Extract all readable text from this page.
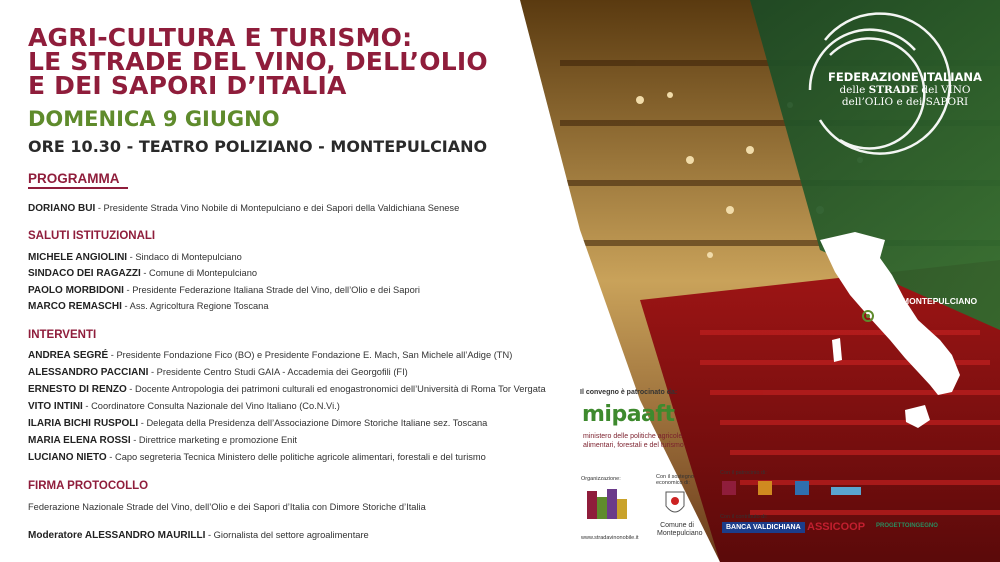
AGRI-CULTURA E TURISMO:
LE STRADE DEL VINO, DELL’OLIO
E DEI SAPORI D’ITALIA
DOMENICA 9 GIUGNO
ORE 10.30 - TEATRO POLIZIANO - MONTEPULCIANO
PROGRAMMA
DORIANO BUI - Presidente Strada Vino Nobile di Montepulciano e dei Sapori della Valdichiana Senese
SALUTI ISTITUZIONALI
MICHELE ANGIOLINI - Sindaco di Montepulciano
SINDACO DEI RAGAZZI - Comune di Montepulciano
PAOLO MORBIDONI - Presidente Federazione Italiana Strade del Vino, dell’Olio e dei Sapori
MARCO REMASCHI - Ass. Agricoltura Regione Toscana
INTERVENTI
ANDREA SEGRÉ - Presidente Fondazione Fico (BO) e Presidente Fondazione E. Mach, San Michele all’Adige (TN)
ALESSANDRO PACCIANI - Presidente Centro Studi GAIA - Accademia dei Georgofili (FI)
ERNESTO DI RENZO - Docente Antropologia dei patrimoni culturali ed enogastronomici dell’Università di Roma Tor Vergata
VITO INTINI - Coordinatore Consulta Nazionale del Vino Italiano (Co.N.Vi.)
ILARIA BICHI RUSPOLI - Delegata della Presidenza dell’Associazione Dimore Storiche Italiane sez. Toscana
MARIA ELENA ROSSI - Direttrice marketing e promozione Enit
LUCIANO NIETO - Capo segreteria Tecnica Ministero delle politiche agricole alimentari, forestali e del turismo
FIRMA PROTOCOLLO
Federazione Nazionale Strade del Vino, dell’Olio e dei Sapori d’Italia con Dimore Storiche d’Italia
Moderatore ALESSANDRO MAURILLI - Giornalista del settore agroalimentare
FEDERAZIONE ITALIANA
delle STRADE del VINO
dell’OLIO e dei SAPORI
MONTEPULCIANO
Il convegno è patrocinato da:
mipaaft
ministero delle politiche agricole
alimentari, forestali e del turismo
Organizzazione:
www.stradavinonobile.it
Con il sostegno economico di:
Comune di
Montepulciano
Con il patrocinio di:

Con il contributo di:
BANCA VALDICHIANA ASSICOOP PROGETTOINGEGNO
